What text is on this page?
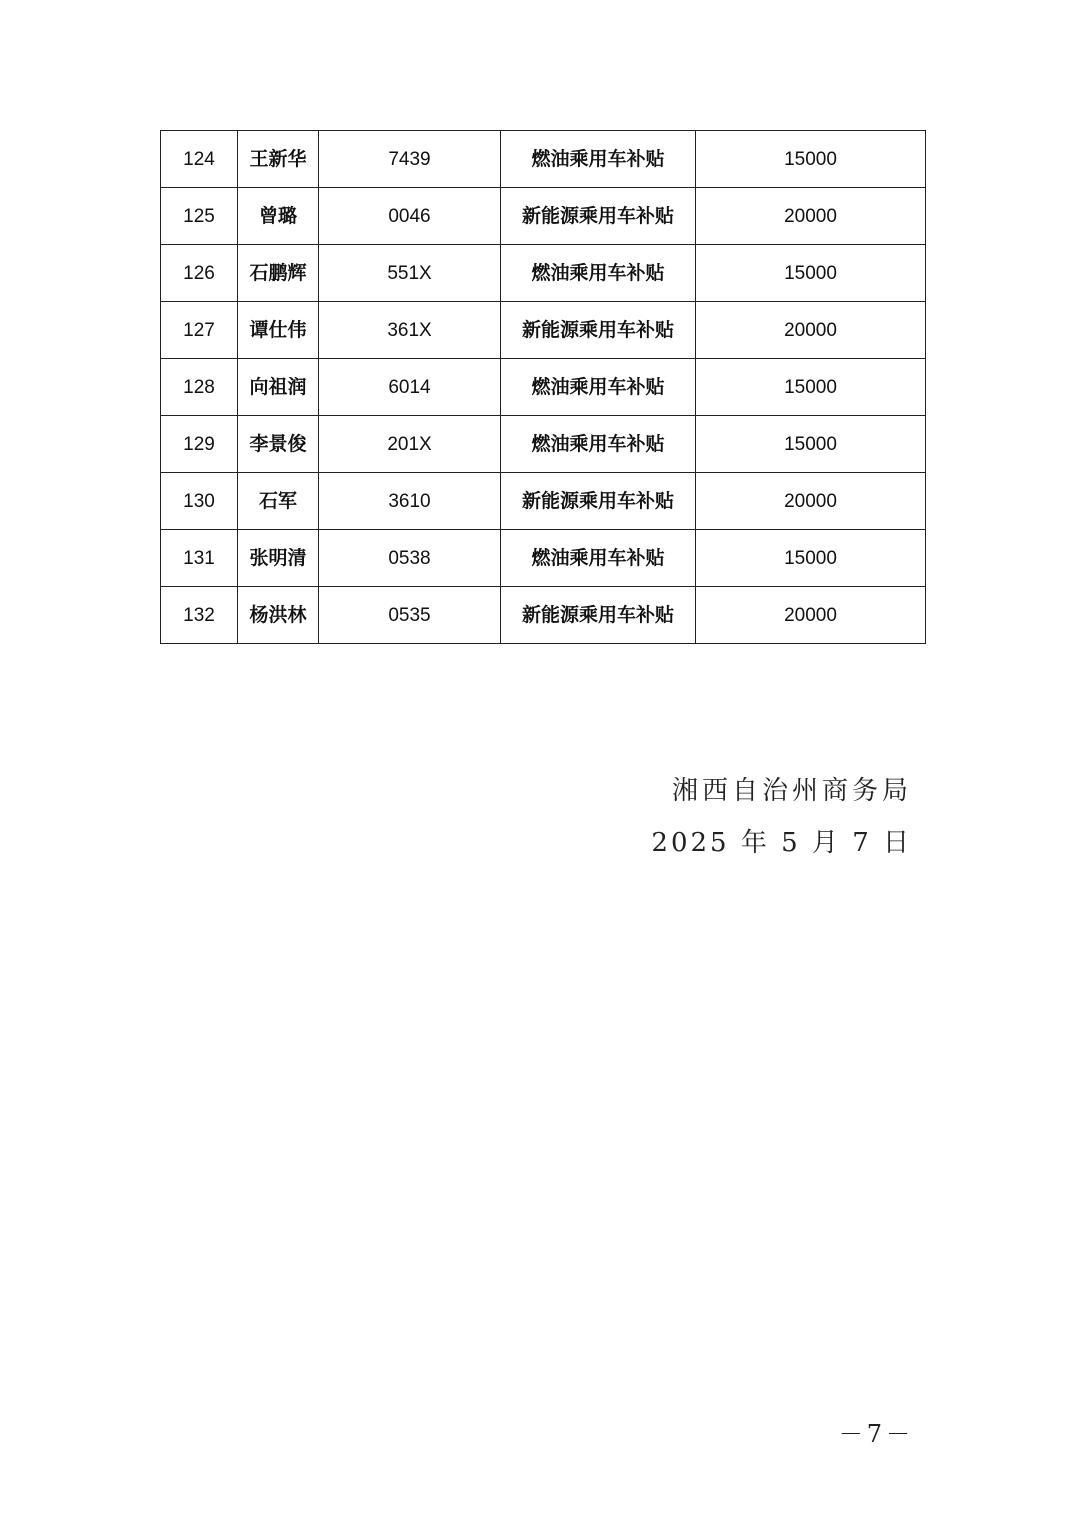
124	王新华	7439	燃油乘用车补贴	15000
125	曾璐	0046	新能源乘用车补贴	20000
126	石鹏辉	551X	燃油乘用车补贴	15000
127	谭仕伟	361X	新能源乘用车补贴	20000
128	向祖润	6014	燃油乘用车补贴	15000
129	李景俊	201X	燃油乘用车补贴	15000
130	石军	3610	新能源乘用车补贴	20000
131	张明清	0538	燃油乘用车补贴	15000
132	杨洪林	0535	新能源乘用车补贴	20000
湘西自治州商务局
2025 年 5 月 7 日
－7－
